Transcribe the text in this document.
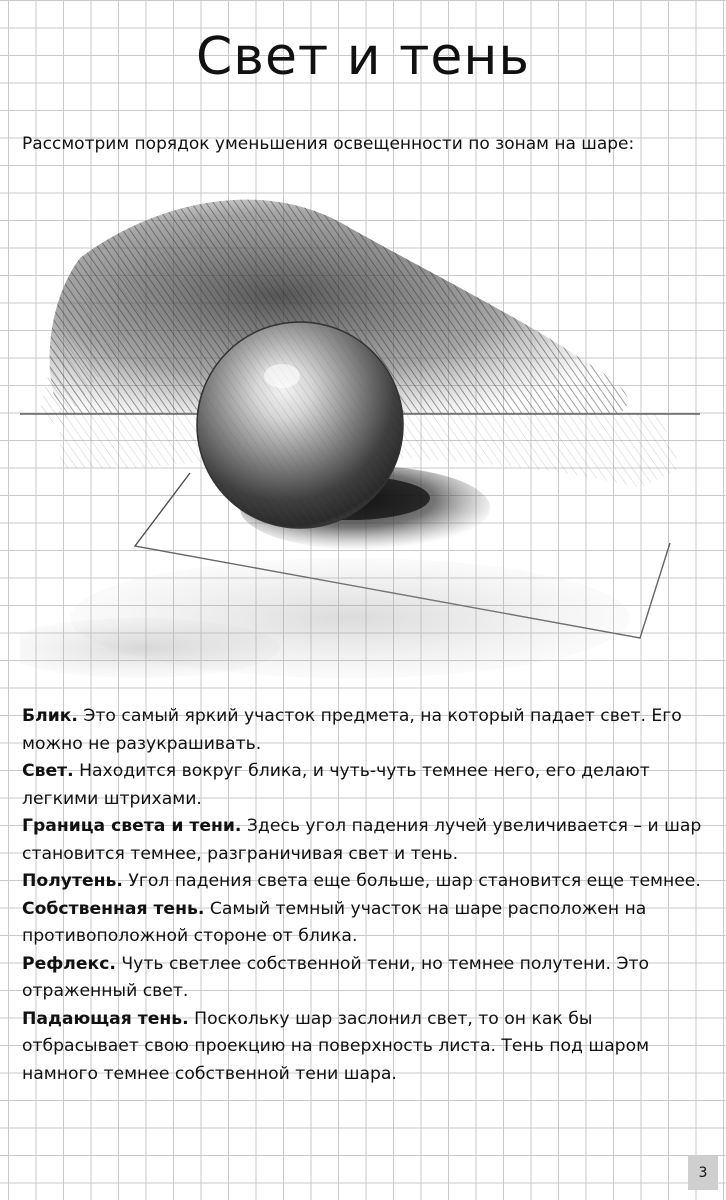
Свет и тень
Рассмотрим порядок уменьшения освещенности по зонам на шаре:

Блик. Это самый яркий участок предмета, на который падает свет. Его можно не разукрашивать.

Свет. Находится вокруг блика, и чуть-чуть темнее него, его делают легкими штрихами.

Граница света и тени. Здесь угол падения лучей увеличивается – и шар становится темнее, разграничивая свет и тень.

Полутень. Угол падения света еще больше, шар становится еще темнее.

Собственная тень. Самый темный участок на шаре расположен на противоположной стороне от блика.

Рефлекс. Чуть светлее собственной тени, но темнее полутени. Это отраженный свет.

Падающая тень. Поскольку шар заслонил свет, то он как бы отбрасывает свою проекцию на поверхность листа. Тень под шаром намного темнее собственной тени шара.

3
